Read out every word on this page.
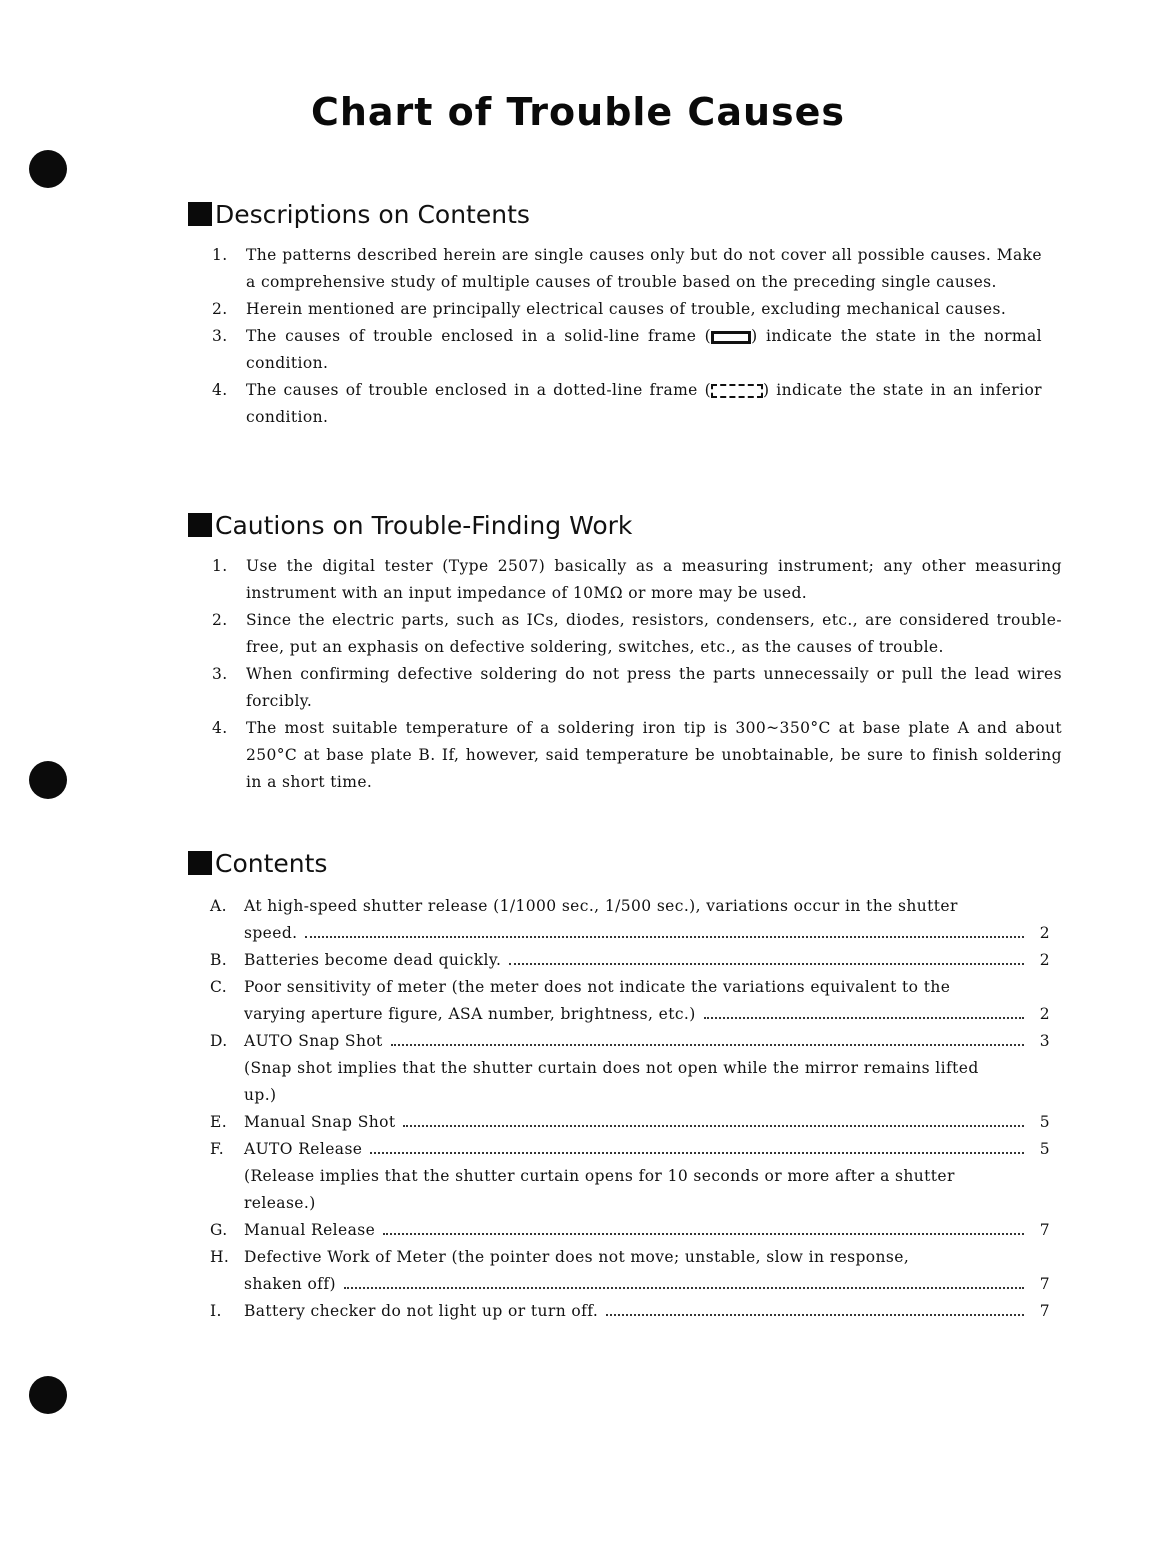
Chart of Trouble Causes
Descriptions on Contents
1.	The patterns described herein are single causes only but do not cover all possible causes. Make a comprehensive study of multiple causes of trouble based on the preceding single causes.
2.	Herein mentioned are principally electrical causes of trouble, excluding mechanical causes.
3.	The causes of trouble enclosed in a solid-line frame (	) indicate the state in the normal condition.
4.	The causes of trouble enclosed in a dotted-line frame (	) indicate the state in an inferior condition.
Cautions on Trouble-Finding Work
1.	Use the digital tester (Type 2507) basically as a measuring instrument; any other measuring instrument with an input impedance of 10MΩ or more may be used.
2.	Since the electric parts, such as ICs, diodes, resistors, condensers, etc., are considered trouble-free, put an exphasis on defective soldering, switches, etc., as the causes of trouble.
3.	When confirming defective soldering do not press the parts unnecessaily or pull the lead wires forcibly.
4.	The most suitable temperature of a soldering iron tip is 300~350°C at base plate A and about 250°C at base plate B. If, however, said temperature be unobtainable, be sure to finish soldering in a short time.
Contents
A.	At high-speed shutter release (1/1000 sec., 1/500 sec.), variations occur in the shutter
speed.	2
B.	Batteries become dead quickly.	2
C.	Poor sensitivity of meter (the meter does not indicate the variations equivalent to the
varying aperture figure, ASA number, brightness, etc.)	2
D.	AUTO Snap Shot	3
(Snap shot implies that the shutter curtain does not open while the mirror remains lifted up.)
E.	Manual Snap Shot	5
F.	AUTO Release	5
(Release implies that the shutter curtain opens for 10 seconds or more after a shutter release.)
G.	Manual Release	7
H. Defective Work of Meter (the pointer does not move; unstable, slow in response,
shaken off)	7
I.	Battery checker do not light up or turn off.	7
